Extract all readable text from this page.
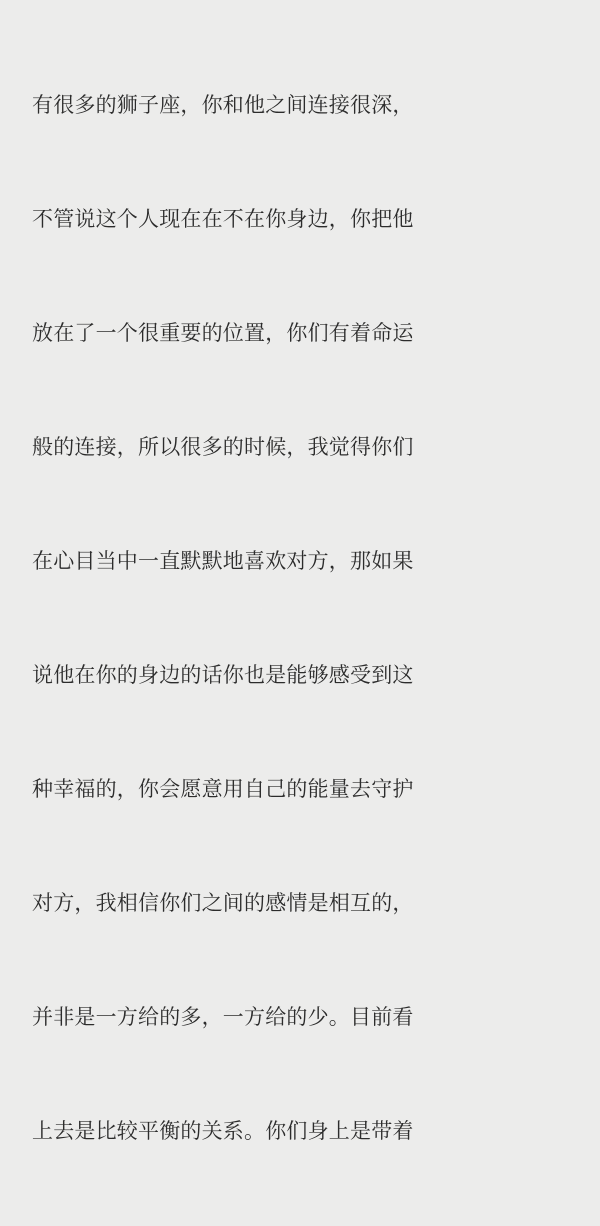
有很多的狮子座，你和他之间连接很深，

不管说这个人现在在不在你身边，你把他

放在了一个很重要的位置，你们有着命运

般的连接，所以很多的时候，我觉得你们

在心目当中一直默默地喜欢对方，那如果

说他在你的身边的话你也是能够感受到这

种幸福的，你会愿意用自己的能量去守护

对方，我相信你们之间的感情是相互的，

并非是一方给的多，一方给的少。目前看

上去是比较平衡的关系。你们身上是带着
